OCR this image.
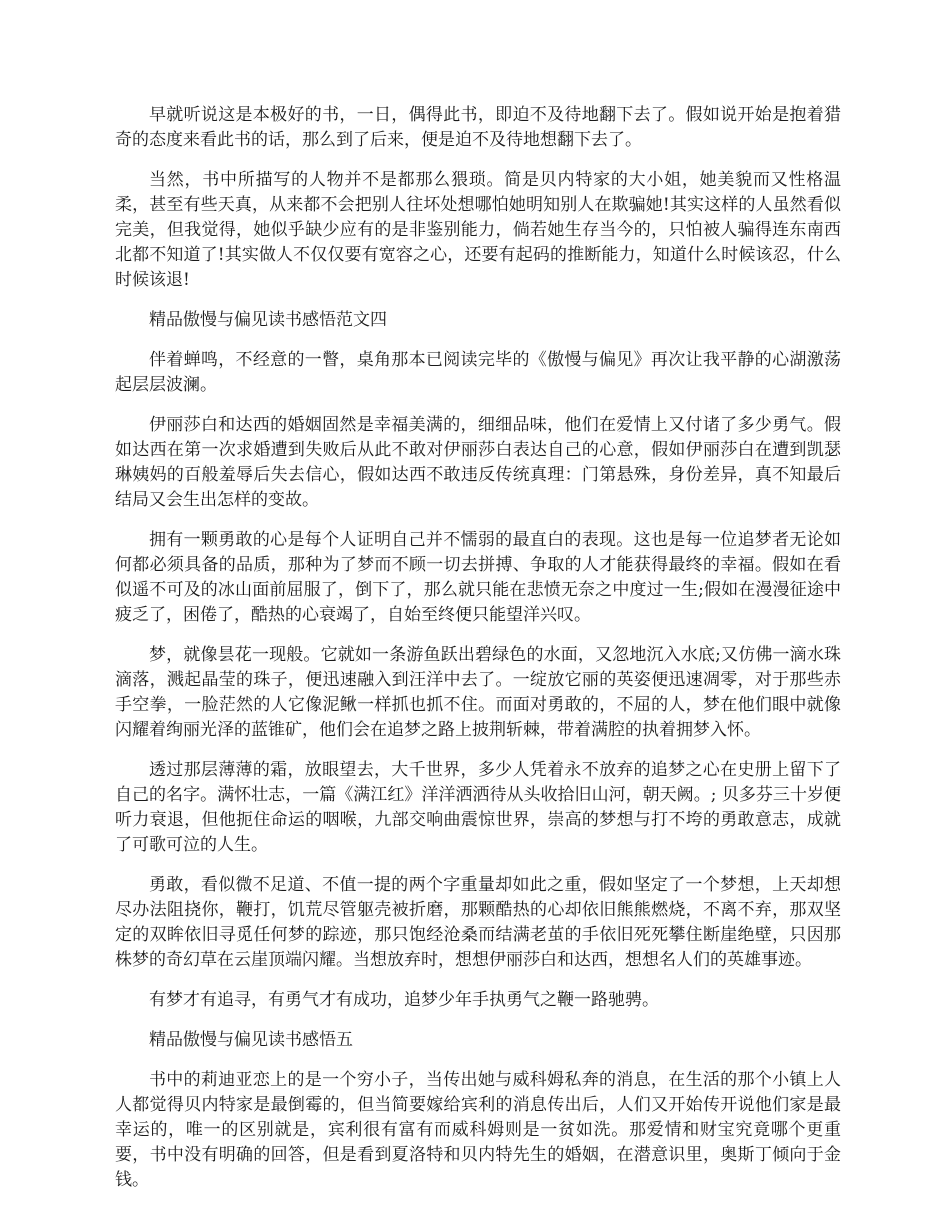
早就听说这是本极好的书，一日，偶得此书，即迫不及待地翻下去了。假如说开始是抱着猎奇的态度来看此书的话，那么到了后来，便是迫不及待地想翻下去了。

当然，书中所描写的人物并不是都那么猥琐。简是贝内特家的大小姐，她美貌而又性格温柔，甚至有些天真，从来都不会把别人往坏处想哪怕她明知别人在欺骗她!其实这样的人虽然看似完美，但我觉得，她似乎缺少应有的是非鉴别能力，倘若她生存当今的，只怕被人骗得连东南西北都不知道了!其实做人不仅仅要有宽容之心，还要有起码的推断能力，知道什么时候该忍，什么时候该退!

精品傲慢与偏见读书感悟范文四

伴着蝉鸣，不经意的一瞥，桌角那本已阅读完毕的《傲慢与偏见》再次让我平静的心湖激荡起层层波澜。

伊丽莎白和达西的婚姻固然是幸福美满的，细细品味，他们在爱情上又付诸了多少勇气。假如达西在第一次求婚遭到失败后从此不敢对伊丽莎白表达自己的心意，假如伊丽莎白在遭到凯瑟琳姨妈的百般羞辱后失去信心，假如达西不敢违反传统真理：门第悬殊，身份差异，真不知最后结局又会生出怎样的变故。

拥有一颗勇敢的心是每个人证明自己并不懦弱的最直白的表现。这也是每一位追梦者无论如何都必须具备的品质，那种为了梦而不顾一切去拼搏、争取的人才能获得最终的幸福。假如在看似遥不可及的冰山面前屈服了，倒下了，那么就只能在悲愤无奈之中度过一生;假如在漫漫征途中疲乏了，困倦了，酷热的心衰竭了，自始至终便只能望洋兴叹。

梦，就像昙花一现般。它就如一条游鱼跃出碧绿色的水面，又忽地沉入水底;又仿佛一滴水珠滴落，溅起晶莹的珠子，便迅速融入到汪洋中去了。一绽放它丽的英姿便迅速凋零，对于那些赤手空拳，一脸茫然的人它像泥鳅一样抓也抓不住。而面对勇敢的，不屈的人，梦在他们眼中就像闪耀着绚丽光泽的蓝锥矿，他们会在追梦之路上披荆斩棘，带着满腔的执着拥梦入怀。

透过那层薄薄的霜，放眼望去，大千世界，多少人凭着永不放弃的追梦之心在史册上留下了自己的名字。满怀壮志，一篇《满江红》洋洋洒洒待从头收拾旧山河，朝天阙。; 贝多芬三十岁便听力衰退，但他扼住命运的咽喉，九部交响曲震惊世界，崇高的梦想与打不垮的勇敢意志，成就了可歌可泣的人生。

勇敢，看似微不足道、不值一提的两个字重量却如此之重，假如坚定了一个梦想，上天却想尽办法阻挠你，鞭打，饥荒尽管躯壳被折磨，那颗酷热的心却依旧熊熊燃烧，不离不弃，那双坚定的双眸依旧寻觅任何梦的踪迹，那只饱经沧桑而结满老茧的手依旧死死攀住断崖绝壁，只因那株梦的奇幻草在云崖顶端闪耀。当想放弃时，想想伊丽莎白和达西，想想名人们的英雄事迹。

有梦才有追寻，有勇气才有成功，追梦少年手执勇气之鞭一路驰骋。

精品傲慢与偏见读书感悟五

书中的莉迪亚恋上的是一个穷小子，当传出她与威科姆私奔的消息，在生活的那个小镇上人人都觉得贝内特家是最倒霉的，但当简要嫁给宾利的消息传出后，人们又开始传开说他们家是最幸运的，唯一的区别就是，宾利很有富有而威科姆则是一贫如洗。那爱情和财宝究竟哪个更重要，书中没有明确的回答，但是看到夏洛特和贝内特先生的婚姻，在潜意识里，奥斯丁倾向于金钱。
